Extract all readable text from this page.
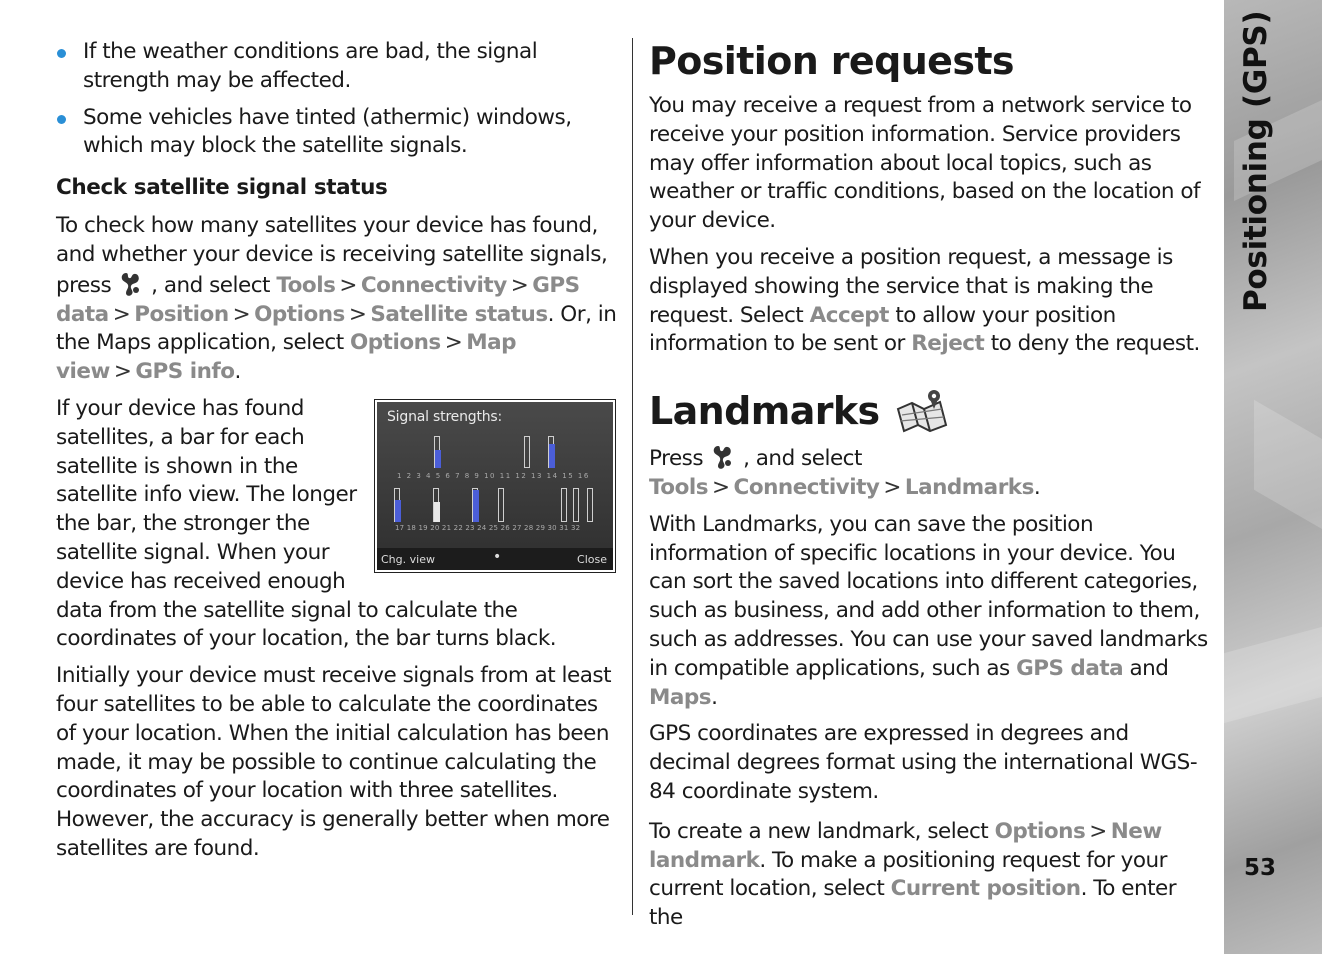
If the weather conditions are bad, the signal strength may be affected.
Some vehicles have tinted (athermic) windows, which may block the satellite signals.
Check satellite signal status

To check how many satellites your device has found, and whether your device is receiving satellite signals, press , and select Tools > Connectivity > GPS data > Position > Options > Satellite status. Or, in the Maps application, select Options > Map view > GPS info.

Signal strengths:
1 2 3 4 5 6 7 8 9 10 11 12 13 14 15 16
17 18 19 20 21 22 23 24 25 26 27 28 29 30 31 32
Chg. view	•	Close

If your device has found satellites, a bar for each satellite is shown in the satellite info view. The longer the bar, the stronger the satellite signal. When your device has received enough data from the satellite signal to calculate the coordinates of your location, the bar turns black.

Initially your device must receive signals from at least four satellites to be able to calculate the coordinates of your location. When the initial calculation has been made, it may be possible to continue calculating the coordinates of your location with three satellites. However, the accuracy is generally better when more satellites are found.

Position requests

You may receive a request from a network service to receive your position information. Service providers may offer information about local topics, such as weather or traffic conditions, based on the location of your device.

When you receive a position request, a message is displayed showing the service that is making the request. Select Accept to allow your position information to be sent or Reject to deny the request.

Landmarks

Press , and select Tools > Connectivity > Landmarks.

With Landmarks, you can save the position information of specific locations in your device. You can sort the saved locations into different categories, such as business, and add other information to them, such as addresses. You can use your saved landmarks in compatible applications, such as GPS data and Maps.

GPS coordinates are expressed in degrees and decimal degrees format using the international WGS-84 coordinate system.

To create a new landmark, select Options > New landmark. To make a positioning request for your current location, select Current position. To enter the

Positioning (GPS)
53
